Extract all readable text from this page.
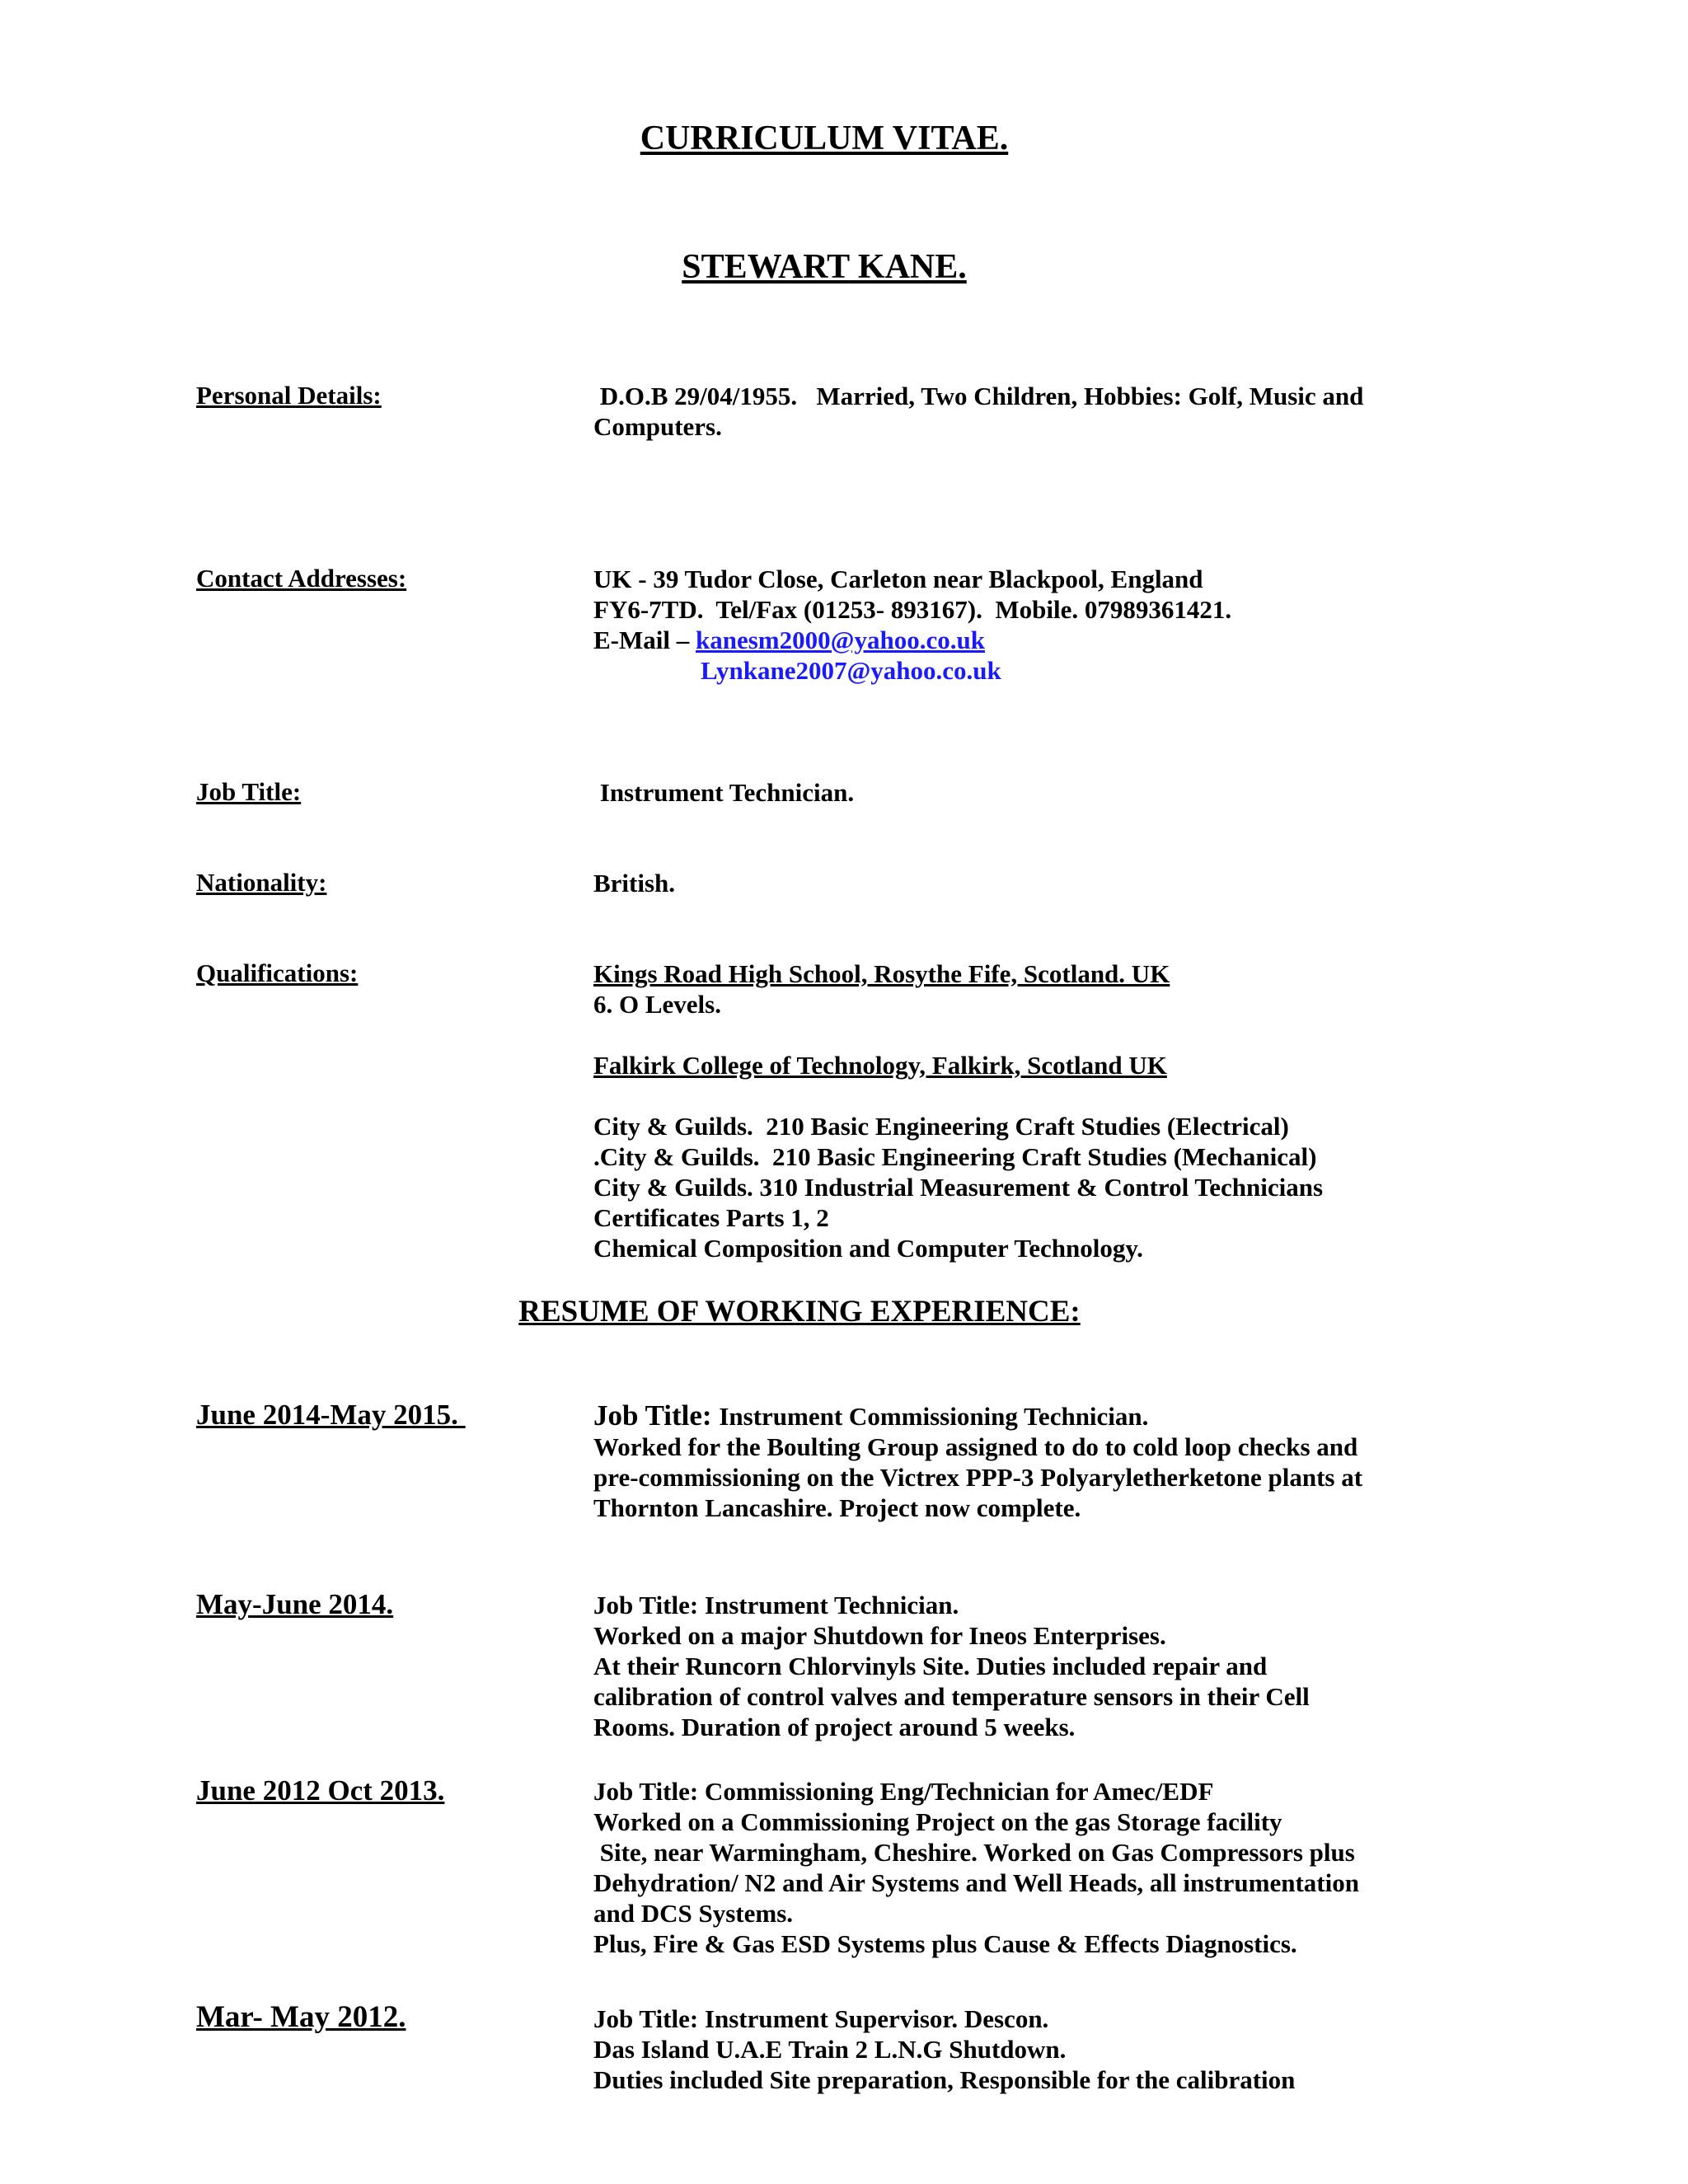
CURRICULUM VITAE.
STEWART KANE.
Personal Details:	D.O.B 29/04/1955.   Married, Two Children, Hobbies: Golf, Music and
Computers.
Contact Addresses:	UK - 39 Tudor Close, Carleton near Blackpool, England
FY6-7TD.  Tel/Fax (01253- 893167).  Mobile. 07989361421.
E-Mail – kanesm2000@yahoo.co.uk
Lynkane2007@yahoo.co.uk
Job Title:	Instrument Technician.
Nationality:	British.
Qualifications:	Kings Road High School, Rosythe Fife, Scotland. UK
6. O Levels.
Falkirk College of Technology, Falkirk, Scotland UK
City & Guilds.  210 Basic Engineering Craft Studies (Electrical)
.City & Guilds.  210 Basic Engineering Craft Studies (Mechanical)
City & Guilds. 310 Industrial Measurement & Control Technicians
Certificates Parts 1, 2
Chemical Composition and Computer Technology.
RESUME OF WORKING EXPERIENCE:
June 2014-May 2015.	Job Title: Instrument Commissioning Technician.
Worked for the Boulting Group assigned to do to cold loop checks and
pre-commissioning on the Victrex PPP-3 Polyaryletherketone plants at
Thornton Lancashire. Project now complete.
May-June 2014.	Job Title: Instrument Technician.
Worked on a major Shutdown for Ineos Enterprises.
At their Runcorn Chlorvinyls Site. Duties included repair and
calibration of control valves and temperature sensors in their Cell
Rooms. Duration of project around 5 weeks.
June 2012 Oct 2013.	Job Title: Commissioning Eng/Technician for Amec/EDF
Worked on a Commissioning Project on the gas Storage facility
Site, near Warmingham, Cheshire. Worked on Gas Compressors plus
Dehydration/ N2 and Air Systems and Well Heads, all instrumentation
and DCS Systems.
Plus, Fire & Gas ESD Systems plus Cause & Effects Diagnostics.
Mar- May 2012.	Job Title: Instrument Supervisor. Descon.
Das Island U.A.E Train 2 L.N.G Shutdown.
Duties included Site preparation, Responsible for the calibration
